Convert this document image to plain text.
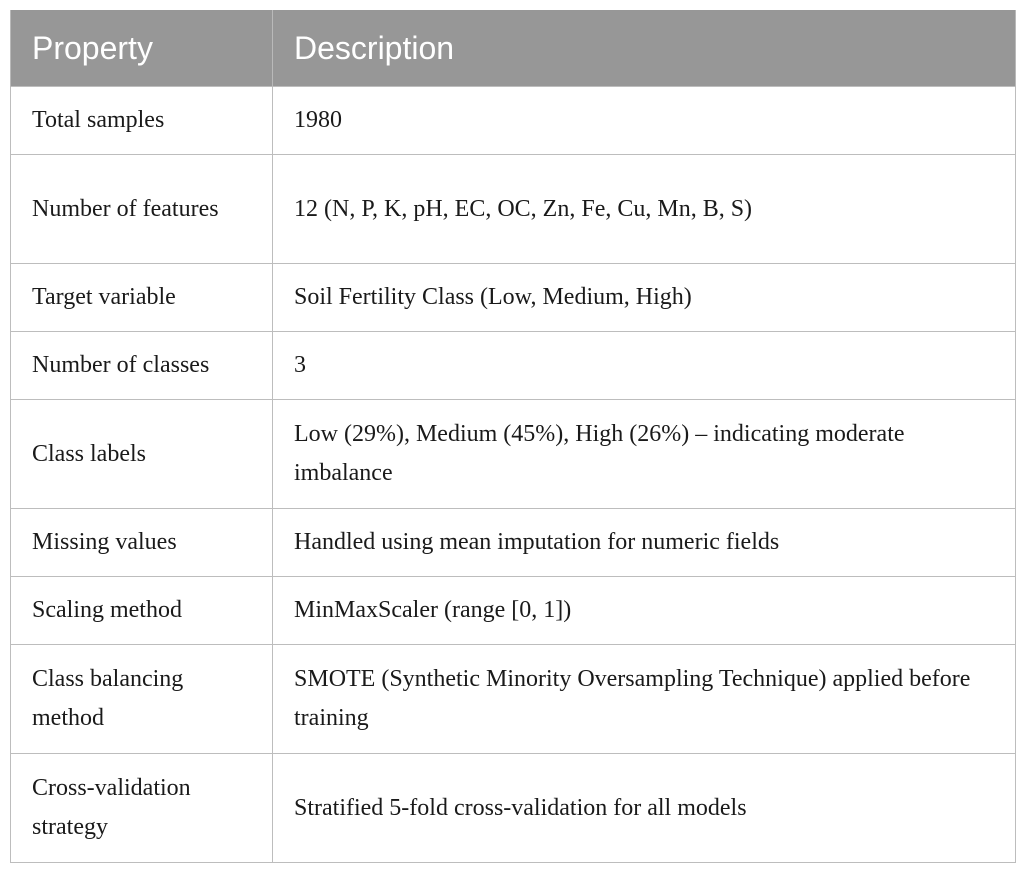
Property	Description
Total samples	1980
Number of features	12 (N, P, K, pH, EC, OC, Zn, Fe, Cu, Mn, B, S)
Target variable	Soil Fertility Class (Low, Medium, High)
Number of classes	3
Class labels	Low (29%), Medium (45%), High (26%) – indicating moderate imbalance
Missing values	Handled using mean imputation for numeric fields
Scaling method	MinMaxScaler (range [0, 1])
Class balancing method	SMOTE (Synthetic Minority Oversampling Technique) applied before training
Cross-validation strategy	Stratified 5-fold cross-validation for all models
